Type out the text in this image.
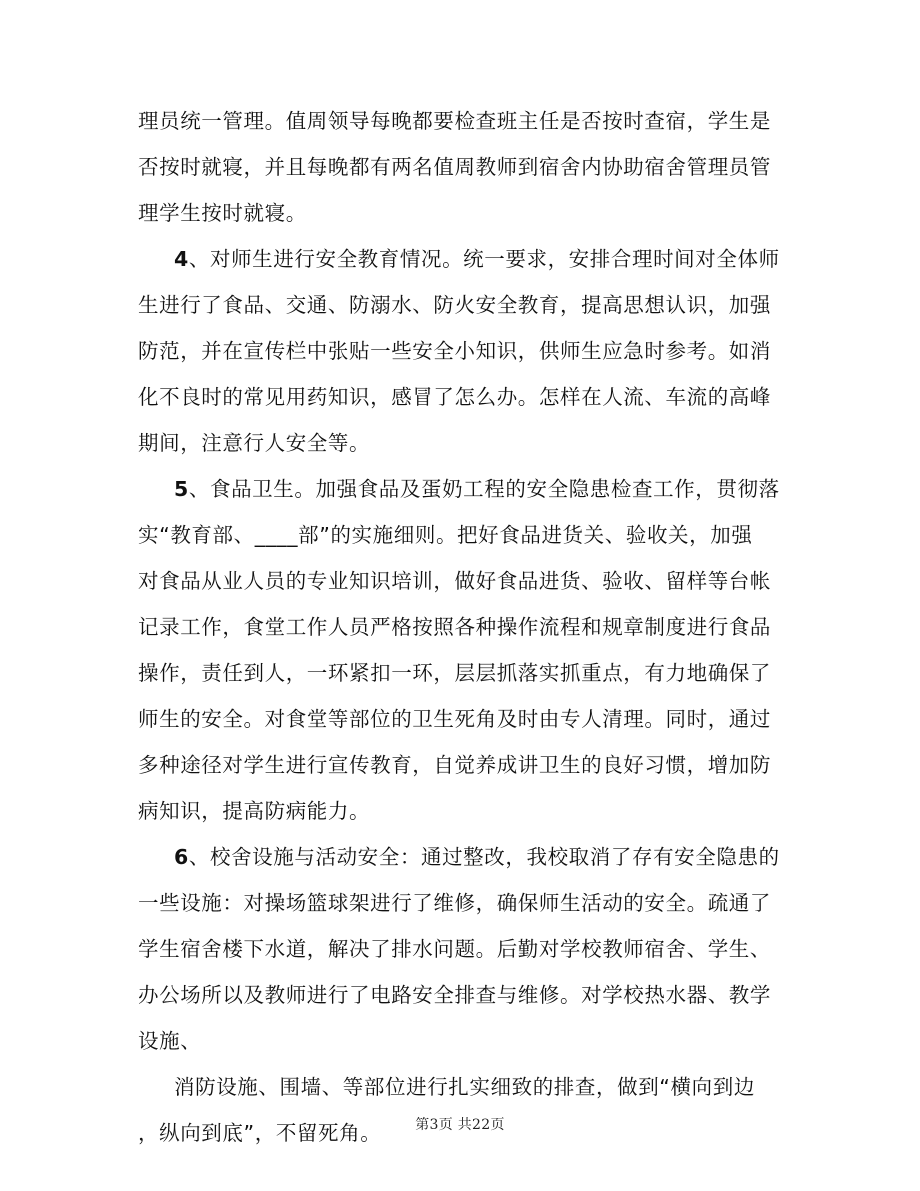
理员统一管理。值周领导每晚都要检查班主任是否按时查宿，学生是
否按时就寝，并且每晚都有两名值周教师到宿舍内协助宿舍管理员管
理学生按时就寝。
4、对师生进行安全教育情况。统一要求，安排合理时间对全体师
生进行了食品、交通、防溺水、防火安全教育，提高思想认识，加强
防范，并在宣传栏中张贴一些安全小知识，供师生应急时参考。如消
化不良时的常见用药知识，感冒了怎么办。怎样在人流、车流的高峰
期间，注意行人安全等。
5、食品卫生。加强食品及蛋奶工程的安全隐患检查工作，贯彻落
实“教育部、____部”的实施细则。把好食品进货关、验收关，加强
对食品从业人员的专业知识培训，做好食品进货、验收、留样等台帐
记录工作，食堂工作人员严格按照各种操作流程和规章制度进行食品
操作，责任到人，一环紧扣一环，层层抓落实抓重点，有力地确保了
师生的安全。对食堂等部位的卫生死角及时由专人清理。同时，通过
多种途径对学生进行宣传教育，自觉养成讲卫生的良好习惯，增加防
病知识，提高防病能力。
6、校舍设施与活动安全：通过整改，我校取消了存有安全隐患的
一些设施：对操场篮球架进行了维修，确保师生活动的安全。疏通了
学生宿舍楼下水道，解决了排水问题。后勤对学校教师宿舍、学生、
办公场所以及教师进行了电路安全排查与维修。对学校热水器、教学
设施、
消防设施、围墙、等部位进行扎实细致的排查，做到“横向到边
，纵向到底”，不留死角。	第3页 共22页
